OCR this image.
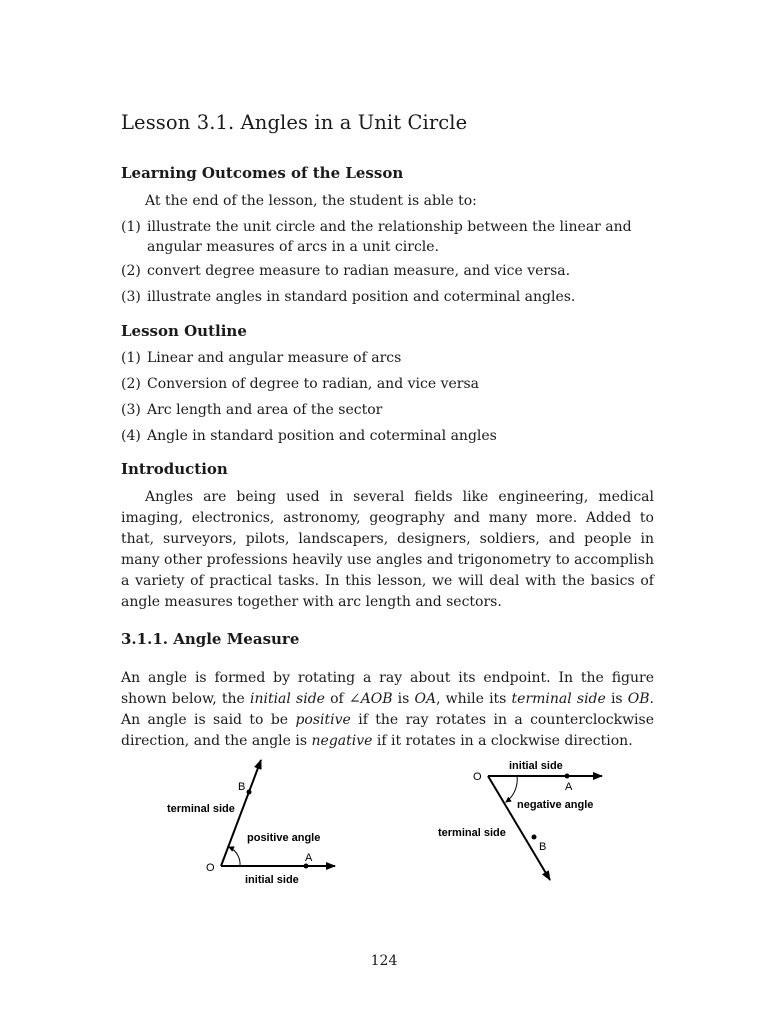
Lesson 3.1. Angles in a Unit Circle
Learning Outcomes of the Lesson
At the end of the lesson, the student is able to:
(1) illustrate the unit circle and the relationship between the linear and angular measures of arcs in a unit circle.
(2) convert degree measure to radian measure, and vice versa.
(3) illustrate angles in standard position and coterminal angles.
Lesson Outline
(1) Linear and angular measure of arcs
(2) Conversion of degree to radian, and vice versa
(3) Arc length and area of the sector
(4) Angle in standard position and coterminal angles
Introduction

Angles are being used in several fields like engineering, medical imaging, electronics, astronomy, geography and many more. Added to that, surveyors, pilots, landscapers, designers, soldiers, and people in many other professions heavily use angles and trigonometry to accomplish a variety of practical tasks. In this lesson, we will deal with the basics of angle measures together with arc length and sectors.

3.1.1. Angle Measure

An angle is formed by rotating a ray about its endpoint. In the figure shown below, the initial side of ∠AOB is OA, while its terminal side is OB. An angle is said to be positive if the ray rotates in a counterclockwise direction, and the angle is negative if it rotates in a clockwise direction.

O
A
B
terminal side
positive angle
initial side
O
A
B
initial side
negative angle
terminal side
124
